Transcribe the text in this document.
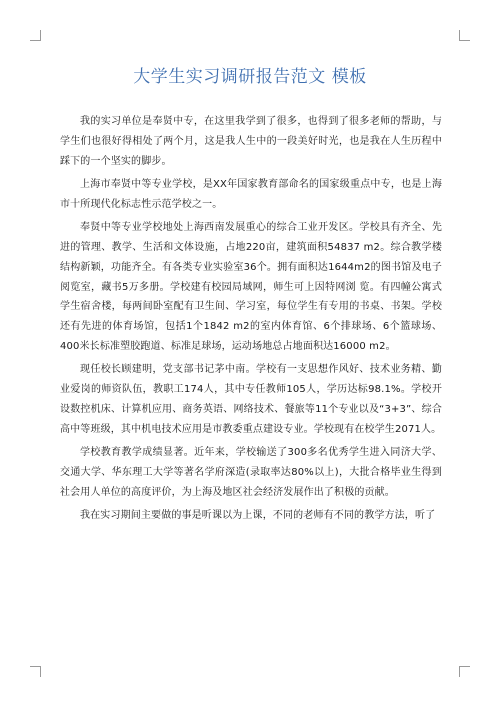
大学生实习调研报告范文 模板

我的实习单位是奉贤中专，在这里我学到了很多，也得到了很多老师的帮助，与学生们也很好得相处了两个月，这是我人生中的一段美好时光，也是我在人生历程中踩下的一个坚实的脚步。

上海市奉贤中等专业学校，是XX年国家教育部命名的国家级重点中专，也是上海市十所现代化标志性示范学校之一。

奉贤中等专业学校地处上海西南发展重心的综合工业开发区。学校具有齐全、先进的管理、教学、生活和文体设施，占地220亩，建筑面积54837 m2。综合教学楼结构新颖，功能齐全。有各类专业实验室36个。拥有面积达1644m2的图书馆及电子阅览室，藏书5万多册。学校建有校园局域网，师生可上因特网浏 览。有四幢公寓式学生宿舍楼，每两间卧室配有卫生间、学习室，每位学生有专用的书桌、书架。学校还有先进的体育场馆，包括1个1842 m2的室内体育馆、6个排球场、6个篮球场、400米长标准塑胶跑道、标准足球场，运动场地总占地面积达16000 m2。

现任校长顾建明，党支部书记茅中南。学校有一支思想作风好、技术业务精、勤业爱岗的师资队伍，教职工174人，其中专任教师105人，学历达标98.1%。学校开设数控机床、计算机应用、商务英语、网络技术、餐旅等11个专业以及“3+3”、综合高中等班级，其中机电技术应用是市教委重点建设专业。学校现有在校学生2071人。

学校教育教学成绩显著。近年来，学校输送了300多名优秀学生进入同济大学、交通大学、华东理工大学等著名学府深造(录取率达80%以上)，大批合格毕业生得到社会用人单位的高度评价，为上海及地区社会经济发展作出了积极的贡献。

我在实习期间主要做的事是听课以为上课，不同的老师有不同的教学方法，听了
